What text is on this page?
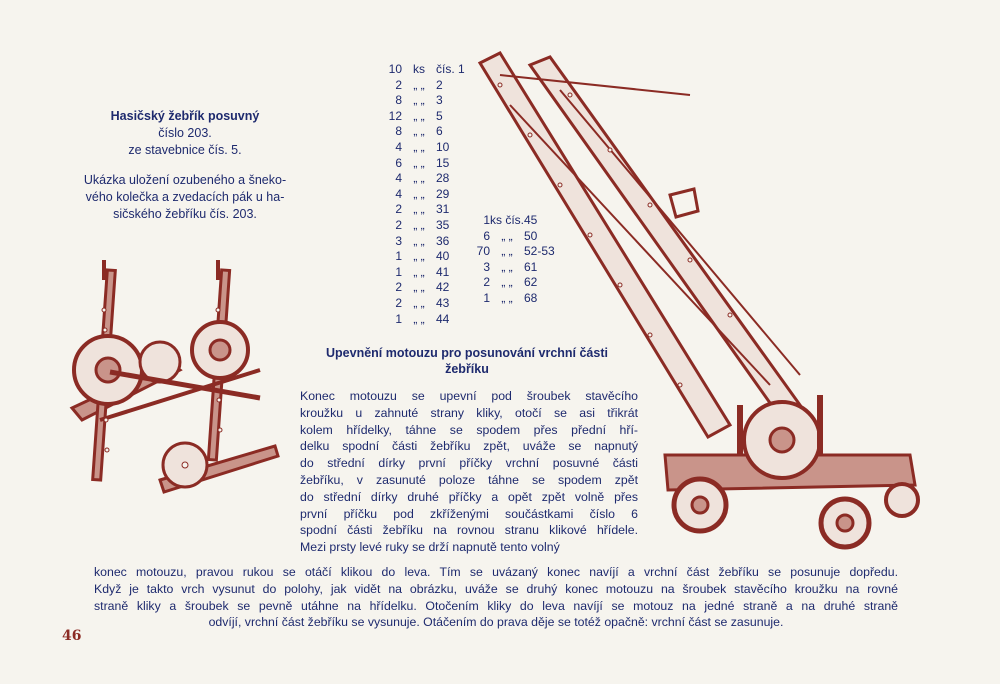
Hasičský žebřík posuvný
číslo 203.
ze stavebnice čís. 5.
Ukázka uložení ozubeného a šneko-
vého kolečka a zvedacích pák u ha-
sičského žebříku čís. 203.
10 ks čís. 1
2 „ „ 2
8 „ „ 3
12 „ „ 5
8 „ „ 6
4 „ „ 10
6 „ „ 15
4 „ „ 28
4 „ „ 29
2 „ „ 31
2 „ „ 35
3 „ „ 36
1 „ „ 40
1 „ „ 41
2 „ „ 42
2 „ „ 43
1 „ „ 44
1 ks čís. 45
6 „ „ 50
70 „ „ 52-53
3 „ „ 61
2 „ „ 62
1 „ „ 68
Upevnění motouzu pro posunování vrchní části
žebříku
Konec motouzu se upevní pod šroubek stavěcího
kroužku u zahnuté strany kliky, otočí se asi třikrát
kolem hřídelky, táhne se spodem přes přední hří-
delku spodní části žebříku zpět, uváže se napnutý
do střední dírky první příčky vrchní posuvné části
žebříku, v zasunuté poloze táhne se spodem zpět
do střední dírky druhé příčky a opět zpět volně přes
první příčku pod zkříženými součástkami číslo 6
spodní části žebříku na rovnou stranu klikové hřídele.
Mezi prsty levé ruky se drží napnutě tento volný
konec motouzu, pravou rukou se otáčí klikou do leva. Tím se uvázaný konec navíjí a vrchní část žebříku se posunuje dopředu.
Když je takto vrch vysunut do polohy, jak vidět na obrázku, uváže se druhý konec motouzu na šroubek stavěcího kroužku na rovné
straně kliky a šroubek se pevně utáhne na hřídelku. Otočením kliky do leva navíjí se motouz na jedné straně a na druhé straně
odvíjí, vrchní část žebříku se vysunuje. Otáčením do prava děje se totéž opačně: vrchní část se zasunuje.
46
